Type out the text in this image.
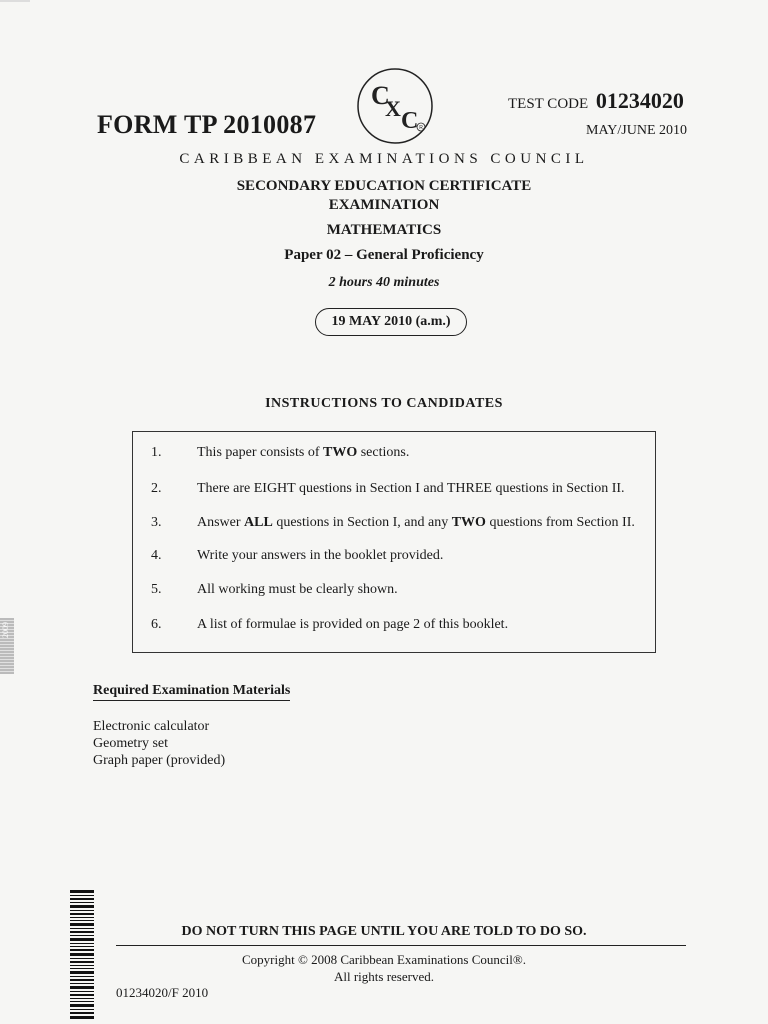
FORM TP 2010087
C
X C R
TEST CODE 01234020
MAY/JUNE 2010
CARIBBEAN EXAMINATIONS COUNCIL
SECONDARY EDUCATION CERTIFICATE
EXAMINATION
MATHEMATICS
Paper 02 – General Proficiency
2 hours 40 minutes
19 MAY 2010 (a.m.)
INSTRUCTIONS TO CANDIDATES
1.	This paper consists of TWO sections.
2.	There are EIGHT questions in Section I and THREE questions in Section II.
3.	Answer ALL questions in Section I, and any TWO questions from Section II.
4.	Write your answers in the booklet provided.
5.	All working must be clearly shown.
6.	A list of formulae is provided on page 2 of this booklet.
2009
Required Examination Materials
Electronic calculator
Geometry set
Graph paper (provided)
DO NOT TURN THIS PAGE UNTIL YOU ARE TOLD TO DO SO.
Copyright © 2008 Caribbean Examinations Council®.
All rights reserved.
01234020/F 2010
